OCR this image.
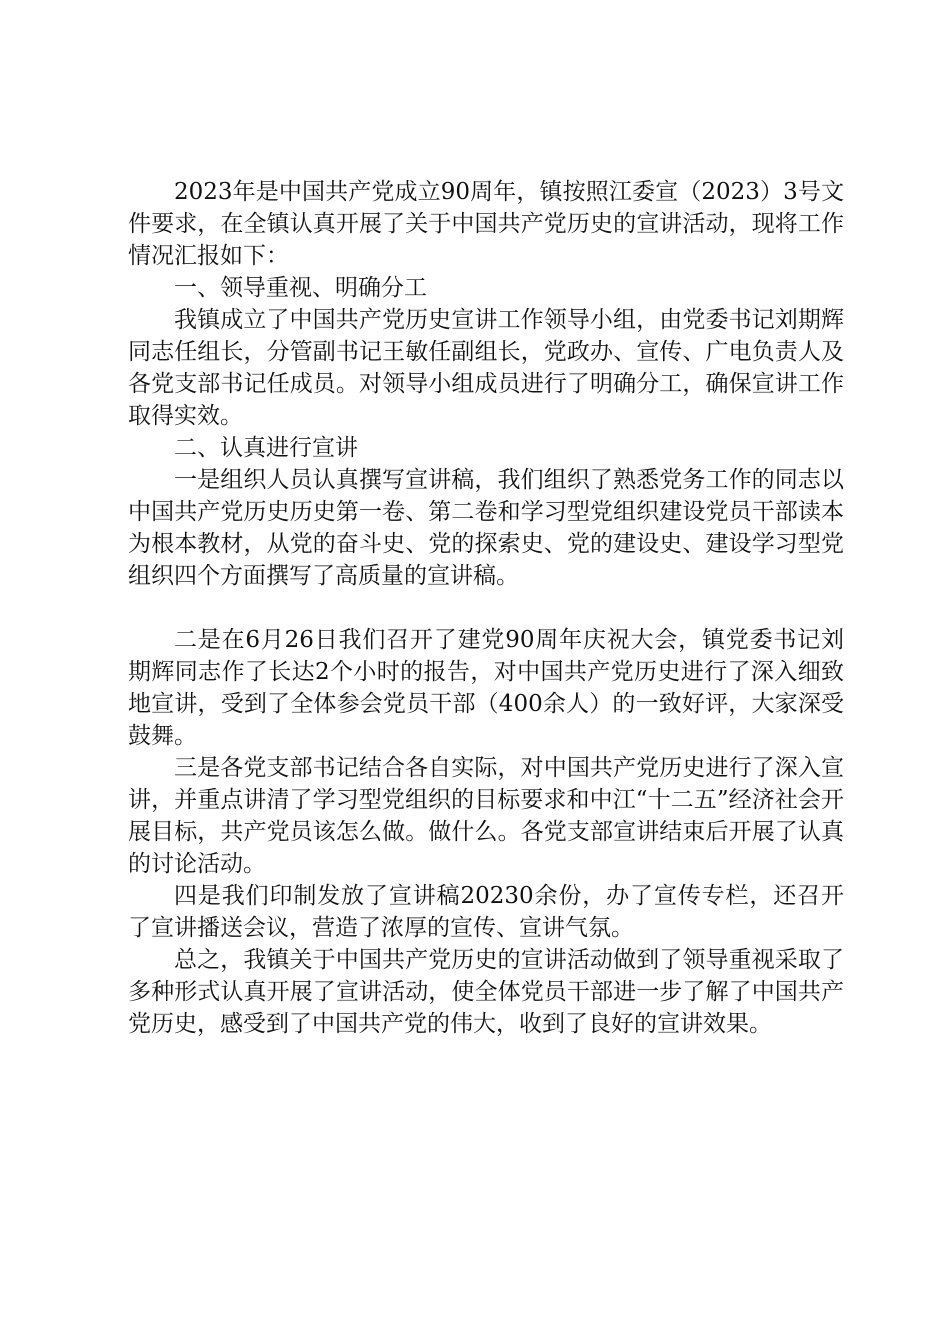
2023年是中国共产党成立90周年，镇按照江委宣（2023）3号文件要求，在全镇认真开展了关于中国共产党历史的宣讲活动，现将工作情况汇报如下：

一、领导重视、明确分工

我镇成立了中国共产党历史宣讲工作领导小组，由党委书记刘期辉同志任组长，分管副书记王敏任副组长，党政办、宣传、广电负责人及各党支部书记任成员。对领导小组成员进行了明确分工，确保宣讲工作取得实效。

二、认真进行宣讲

一是组织人员认真撰写宣讲稿，我们组织了熟悉党务工作的同志以中国共产党历史历史第一卷、第二卷和学习型党组织建设党员干部读本为根本教材，从党的奋斗史、党的探索史、党的建设史、建设学习型党组织四个方面撰写了高质量的宣讲稿。

二是在6月26日我们召开了建党90周年庆祝大会，镇党委书记刘期辉同志作了长达2个小时的报告，对中国共产党历史进行了深入细致地宣讲，受到了全体参会党员干部（400余人）的一致好评，大家深受鼓舞。

三是各党支部书记结合各自实际，对中国共产党历史进行了深入宣讲，并重点讲清了学习型党组织的目标要求和中江“十二五”经济社会开展目标，共产党员该怎么做。做什么。各党支部宣讲结束后开展了认真的讨论活动。

四是我们印制发放了宣讲稿20230余份，办了宣传专栏，还召开了宣讲播送会议，营造了浓厚的宣传、宣讲气氛。

总之，我镇关于中国共产党历史的宣讲活动做到了领导重视采取了多种形式认真开展了宣讲活动，使全体党员干部进一步了解了中国共产党历史，感受到了中国共产党的伟大，收到了良好的宣讲效果。
